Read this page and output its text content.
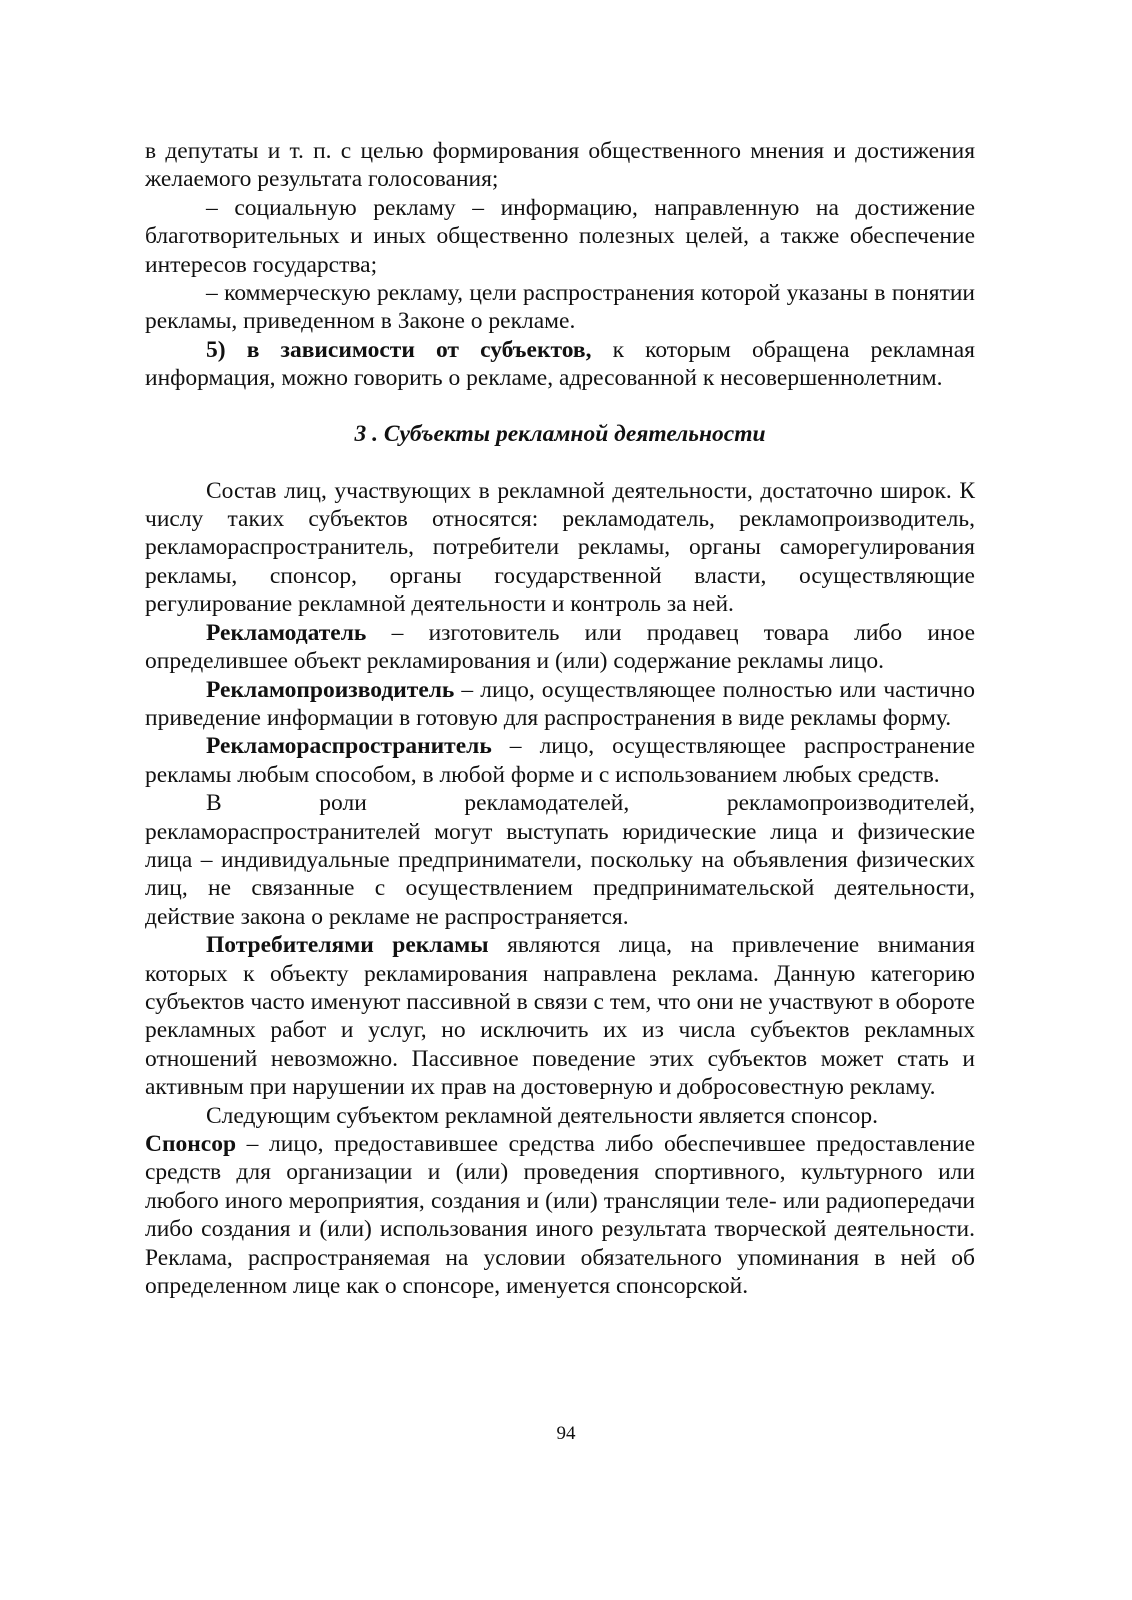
в депутаты и т. п. с целью формирования общественного мнения и достижения желаемого результата голосования;

– социальную рекламу – информацию, направленную на достижение благотворительных и иных общественно полезных целей, а также обеспечение интересов государства;

– коммерческую рекламу, цели распространения которой указаны в понятии рекламы, приведенном в Законе о рекламе.

5) в зависимости от субъектов, к которым обращена рекламная информация, можно говорить о рекламе, адресованной к несовершеннолетним.

3 . Субъекты рекламной деятельности

Состав лиц, участвующих в рекламной деятельности, достаточно широк. К числу таких субъектов относятся: рекламодатель, рекламопроизводитель, рекламораспространитель, потребители рекламы, органы саморегулирования рекламы, спонсор, органы государственной власти, осуществляющие регулирование рекламной деятельности и контроль за ней.

Рекламодатель – изготовитель или продавец товара либо иное определившее объект рекламирования и (или) содержание рекламы лицо.

Рекламопроизводитель – лицо, осуществляющее полностью или частично приведение информации в готовую для распространения в виде рекламы форму.

Рекламораспространитель – лицо, осуществляющее распространение рекламы любым способом, в любой форме и с использованием любых средств.

В роли рекламодателей, рекламопроизводителей, рекламораспространителей могут выступать юридические лица и физические лица – индивидуальные предприниматели, поскольку на объявления физических лиц, не связанные с осуществлением предпринимательской деятельности, действие закона о рекламе не распространяется.

Потребителями рекламы являются лица, на привлечение внимания которых к объекту рекламирования направлена реклама. Данную категорию субъектов часто именуют пассивной в связи с тем, что они не участвуют в обороте рекламных работ и услуг, но исключить их из числа субъектов рекламных отношений невозможно. Пассивное поведение этих субъектов может стать и активным при нарушении их прав на достоверную и добросовестную рекламу.

Следующим субъектом рекламной деятельности является спонсор.

Спонсор – лицо, предоставившее средства либо обеспечившее предоставление средств для организации и (или) проведения спортивного, культурного или любого иного мероприятия, создания и (или) трансляции теле- или радиопередачи либо создания и (или) использования иного результата творческой деятельности. Реклама, распространяемая на условии обязательного упоминания в ней об определенном лице как о спонсоре, именуется спонсорской.

94
